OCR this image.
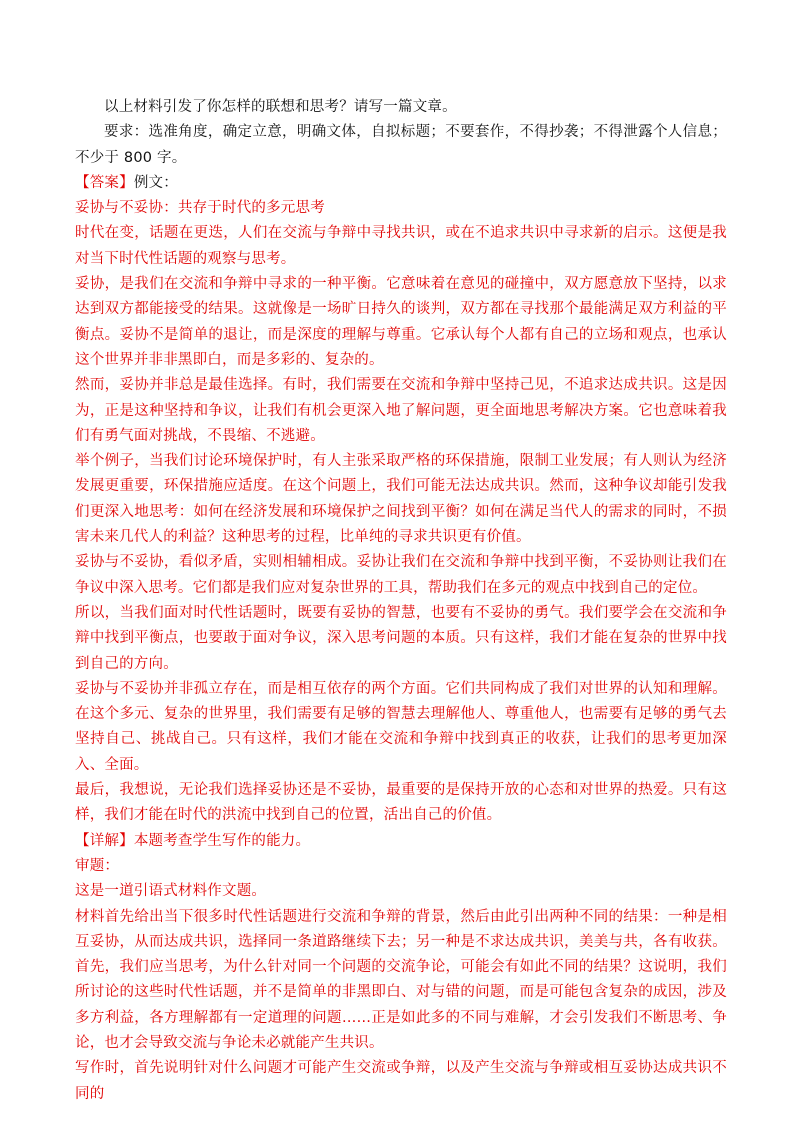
以上材料引发了你怎样的联想和思考？请写一篇文章。

要求：选准角度，确定立意，明确文体，自拟标题；不要套作，不得抄袭；不得泄露个人信息；不少于 800 字。

【答案】例文：

妥协与不妥协：共存于时代的多元思考

时代在变，话题在更迭，人们在交流与争辩中寻找共识，或在不追求共识中寻求新的启示。这便是我对当下时代性话题的观察与思考。

妥协，是我们在交流和争辩中寻求的一种平衡。它意味着在意见的碰撞中，双方愿意放下坚持，以求达到双方都能接受的结果。这就像是一场旷日持久的谈判，双方都在寻找那个最能满足双方利益的平衡点。妥协不是简单的退让，而是深度的理解与尊重。它承认每个人都有自己的立场和观点，也承认这个世界并非非黑即白，而是多彩的、复杂的。

然而，妥协并非总是最佳选择。有时，我们需要在交流和争辩中坚持己见，不追求达成共识。这是因为，正是这种坚持和争议，让我们有机会更深入地了解问题，更全面地思考解决方案。它也意味着我们有勇气面对挑战，不畏缩、不逃避。

举个例子，当我们讨论环境保护时，有人主张采取严格的环保措施，限制工业发展；有人则认为经济发展更重要，环保措施应适度。在这个问题上，我们可能无法达成共识。然而，这种争议却能引发我们更深入地思考：如何在经济发展和环境保护之间找到平衡？如何在满足当代人的需求的同时，不损害未来几代人的利益？这种思考的过程，比单纯的寻求共识更有价值。

妥协与不妥协，看似矛盾，实则相辅相成。妥协让我们在交流和争辩中找到平衡，不妥协则让我们在争议中深入思考。它们都是我们应对复杂世界的工具，帮助我们在多元的观点中找到自己的定位。

所以，当我们面对时代性话题时，既要有妥协的智慧，也要有不妥协的勇气。我们要学会在交流和争辩中找到平衡点，也要敢于面对争议，深入思考问题的本质。只有这样，我们才能在复杂的世界中找到自己的方向。

妥协与不妥协并非孤立存在，而是相互依存的两个方面。它们共同构成了我们对世界的认知和理解。在这个多元、复杂的世界里，我们需要有足够的智慧去理解他人、尊重他人，也需要有足够的勇气去坚持自己、挑战自己。只有这样，我们才能在交流和争辩中找到真正的收获，让我们的思考更加深入、全面。

最后，我想说，无论我们选择妥协还是不妥协，最重要的是保持开放的心态和对世界的热爱。只有这样，我们才能在时代的洪流中找到自己的位置，活出自己的价值。

【详解】本题考查学生写作的能力。

审题：

这是一道引语式材料作文题。

材料首先给出当下很多时代性话题进行交流和争辩的背景，然后由此引出两种不同的结果：一种是相互妥协，从而达成共识，选择同一条道路继续下去；另一种是不求达成共识，美美与共，各有收获。首先，我们应当思考，为什么针对同一个问题的交流争论，可能会有如此不同的结果？这说明，我们所讨论的这些时代性话题，并不是简单的非黑即白、对与错的问题，而是可能包含复杂的成因，涉及多方利益，各方理解都有一定道理的问题……正是如此多的不同与难解，才会引发我们不断思考、争论，也才会导致交流与争论未必就能产生共识。

写作时，首先说明针对什么问题才可能产生交流或争辩，以及产生交流与争辩或相互妥协达成共识不同的
